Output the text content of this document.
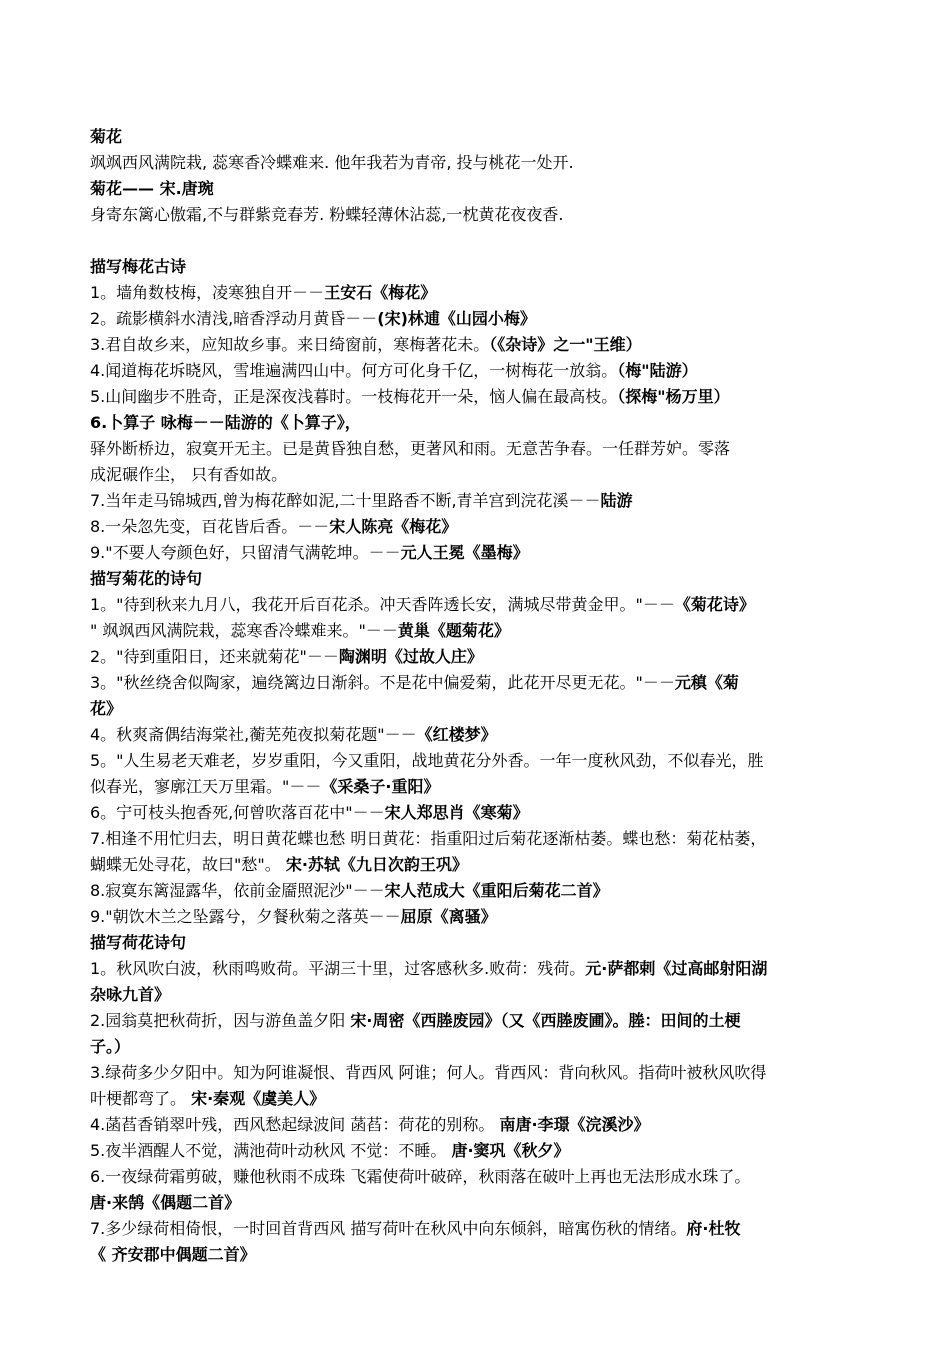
菊花
飒飒西风满院栽, 蕊寒香冷蝶难来. 他年我若为青帝, 投与桃花一处开.
菊花—— 宋.唐琬
身寄东篱心傲霜,不与群紫竞春芳. 粉蝶轻薄休沾蕊,一枕黄花夜夜香.
描写梅花古诗
1。墙角数枝梅，凌寒独自开－－王安石《梅花》
2。疏影横斜水清浅,暗香浮动月黄昏－－(宋)林逋《山园小梅》
3.君自故乡来，应知故乡事。来日绮窗前，寒梅著花未。（《杂诗》之一"王维）
4.闻道梅花坼晓风，雪堆遍满四山中。何方可化身千亿，一树梅花一放翁。（梅"陆游）
5.山间幽步不胜奇，正是深夜浅暮时。一枝梅花开一朵，恼人偏在最高枝。（探梅"杨万里）
6.卜算子 咏梅－－陆游的《卜算子》，
驿外断桥边，寂寞开无主。已是黄昏独自愁，更著风和雨。无意苦争春。一任群芳妒。零落
成泥碾作尘， 只有香如故。
7.当年走马锦城西,曾为梅花醉如泥,二十里路香不断,青羊宫到浣花溪－－陆游
8.一朵忽先变，百花皆后香。－－宋人陈亮《梅花》
9."不要人夸颜色好，只留清气满乾坤。－－元人王冕《墨梅》
描写菊花的诗句
1。"待到秋来九月八，我花开后百花杀。冲天香阵透长安，满城尽带黄金甲。"－－《菊花诗》
" 飒飒西风满院栽，蕊寒香冷蝶难来。"－－黄巢《题菊花》
2。"待到重阳日，还来就菊花"－－陶渊明《过故人庄》
3。"秋丝绕舍似陶家，遍绕篱边日渐斜。不是花中偏爱菊，此花开尽更无花。"－－元稹《菊
花》
4。秋爽斋偶结海棠社,蘅芜苑夜拟菊花题"－－《红楼梦》
5。"人生易老天难老，岁岁重阳，今又重阳，战地黄花分外香。一年一度秋风劲，不似春光，胜
似春光，寥廓江天万里霜。"－－《采桑子·重阳》
6。宁可枝头抱香死,何曾吹落百花中"－－宋人郑思肖《寒菊》
7.相逢不用忙归去，明日黄花蝶也愁 明日黄花：指重阳过后菊花逐渐枯萎。蝶也愁：菊花枯萎，
蝴蝶无处寻花，故曰"愁"。 宋·苏轼《九日次韵王巩》
8.寂寞东篱湿露华，依前金靥照泥沙"－－宋人范成大《重阳后菊花二首》
9."朝饮木兰之坠露兮，夕餐秋菊之落英－－屈原《离骚》
描写荷花诗句
1。秋风吹白波，秋雨鸣败荷。平湖三十里，过客感秋多.败荷：残荷。元·萨都剌《过高邮射阳湖
杂咏九首》
2.园翁莫把秋荷折，因与游鱼盖夕阳 宋·周密《西塍废园》（又《西塍废圃》。塍：田间的土梗
子。）
3.绿荷多少夕阳中。知为阿谁凝恨、背西风 阿谁；何人。背西风：背向秋风。指荷叶被秋风吹得
叶梗都弯了。 宋·秦观《虞美人》
4.菡萏香销翠叶残，西风愁起绿波间 菡萏：荷花的别称。 南唐·李璟《浣溪沙》
5.夜半酒醒人不觉，满池荷叶动秋风 不觉：不睡。 唐·窦巩《秋夕》
6.一夜绿荷霜剪破，赚他秋雨不成珠 飞霜使荷叶破碎，秋雨落在破叶上再也无法形成水珠了。
唐·来鹄《偶题二首》
7.多少绿荷相倚恨，一时回首背西风 描写荷叶在秋风中向东倾斜，暗寓伤秋的情绪。府·杜牧
《 齐安郡中偶题二首》
